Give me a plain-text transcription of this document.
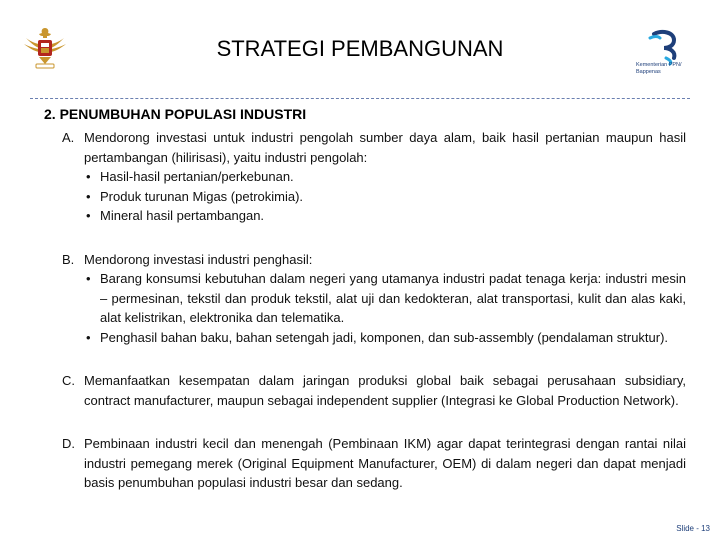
STRATEGI PEMBANGUNAN
Kementerian PPN/
Bappenas
2. PENUMBUHAN POPULASI INDUSTRI
A. Mendorong investasi untuk industri pengolah sumber daya alam, baik hasil pertanian maupun hasil pertambangan (hilirisasi), yaitu industri pengolah:
• Hasil-hasil pertanian/perkebunan.
• Produk turunan Migas (petrokimia).
• Mineral hasil pertambangan.
B. Mendorong investasi industri penghasil:
• Barang konsumsi kebutuhan dalam negeri yang utamanya industri padat tenaga kerja: industri mesin – permesinan, tekstil dan produk tekstil, alat uji dan kedokteran, alat transportasi, kulit dan alas kaki, alat kelistrikan, elektronika dan telematika.
• Penghasil bahan baku, bahan setengah jadi, komponen, dan sub-assembly (pendalaman struktur).
C. Memanfaatkan kesempatan dalam jaringan produksi global baik sebagai perusahaan subsidiary, contract manufacturer, maupun sebagai independent supplier (Integrasi ke Global Production Network).
D. Pembinaan industri kecil dan menengah (Pembinaan IKM) agar dapat terintegrasi dengan rantai nilai industri pemegang merek (Original Equipment Manufacturer, OEM) di dalam negeri dan dapat menjadi basis penumbuhan populasi industri besar dan sedang.
Slide - 13
